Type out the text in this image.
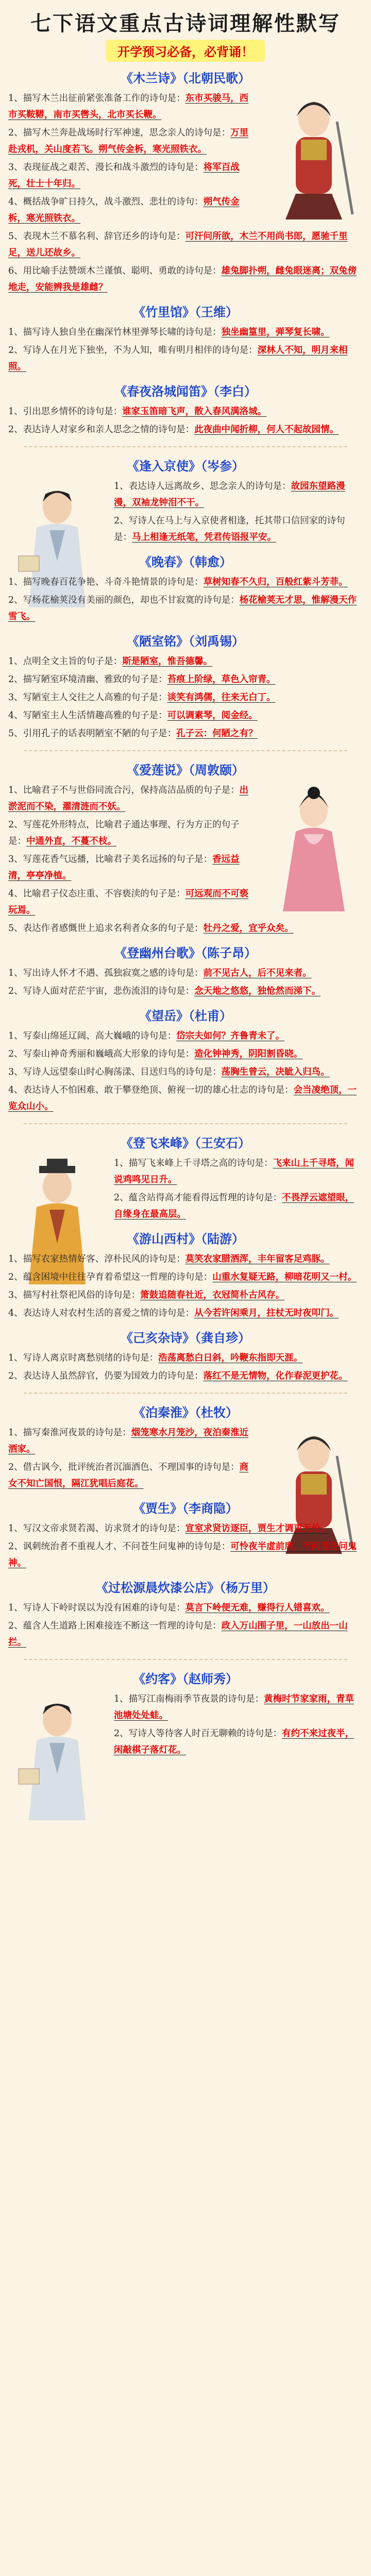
七下语文重点古诗词理解性默写
开学预习必备，必背诵！
《木兰诗》（北朝民歌）
1、描写木兰出征前紧张准备工作的诗句是：东市买骏马，西市买鞍鞯，南市买辔头，北市买长鞭。
2、描写木兰奔赴战场时行军神速，思念亲人的诗句是：万里赴戎机，关山度若飞。朔气传金柝，寒光照铁衣。
3、表现征战之艰苦、漫长和战斗激烈的诗句是：将军百战死，壮士十年归。
4、概括战争旷日持久，战斗激烈、悲壮的诗句：朔气传金柝，寒光照铁衣。
5、表现木兰不慕名利、辞官还乡的诗句是：可汗问所欲，木兰不用尚书郎，愿驰千里足，送儿还故乡。
6、用比喻手法赞颂木兰谨慎、聪明、勇敢的诗句是：雄兔脚扑朔，雌兔眼迷离；双兔傍地走，安能辨我是雄雌？
《竹里馆》（王维）
1、描写诗人独自坐在幽深竹林里弹琴长啸的诗句是：独坐幽篁里，弹琴复长啸。
2、写诗人在月光下独坐，不为人知，唯有明月相伴的诗句是：深林人不知，明月来相照。
《春夜洛城闻笛》（李白）
1、引出思乡情怀的诗句是：谁家玉笛暗飞声，散入春风满洛城。
2、表达诗人对家乡和亲人思念之情的诗句是：此夜曲中闻折柳，何人不起故园情。
《逢入京使》（岑参）
1、表达诗人远离故乡、思念亲人的诗句是：故园东望路漫漫，双袖龙钟泪不干。
2、写诗人在马上与入京使者相逢，托其带口信回家的诗句是：马上相逢无纸笔，凭君传语报平安。
《晚春》（韩愈）
1、描写晚春百花争艳、斗奇斗艳情景的诗句是：草树知春不久归，百般红紫斗芳菲。
2、写杨花榆荚没有美丽的颜色，却也不甘寂寞的诗句是：杨花榆荚无才思，惟解漫天作雪飞。
《陋室铭》（刘禹锡）
1、点明全文主旨的句子是：斯是陋室，惟吾德馨。
2、描写陋室环境清幽、雅致的句子是：苔痕上阶绿，草色入帘青。
3、写陋室主人交往之人高雅的句子是：谈笑有鸿儒，往来无白丁。
4、写陋室主人生活情趣高雅的句子是：可以调素琴，阅金经。
5、引用孔子的话表明陋室不陋的句子是：孔子云：何陋之有？
《爱莲说》（周敦颐）
1、比喻君子不与世俗同流合污，保持高洁品质的句子是：出淤泥而不染，濯清涟而不妖。
2、写莲花外形特点，比喻君子通达事理、行为方正的句子是：中通外直，不蔓不枝。
3、写莲花香气远播，比喻君子美名远扬的句子是：香远益清，亭亭净植。
4、比喻君子仪态庄重、不容亵渎的句子是：可远观而不可亵玩焉。
5、表达作者感慨世上追求名利者众多的句子是：牡丹之爱，宜乎众矣。
《登幽州台歌》（陈子昂）
1、写出诗人怀才不遇、孤独寂寞之感的诗句是：前不见古人，后不见来者。
2、写诗人面对茫茫宇宙，悲伤流泪的诗句是：念天地之悠悠，独怆然而涕下。
《望岳》（杜甫）
1、写泰山绵延辽阔、高大巍峨的诗句是：岱宗夫如何？齐鲁青未了。
2、写泰山神奇秀丽和巍峨高大形象的诗句是：造化钟神秀，阴阳割昏晓。
3、写诗人远望泰山时心胸荡漾、目送归鸟的诗句是：荡胸生曾云，决眦入归鸟。
4、表达诗人不怕困难、敢于攀登绝顶、俯视一切的雄心壮志的诗句是：会当凌绝顶，一览众山小。
《登飞来峰》（王安石）
1、描写飞来峰上千寻塔之高的诗句是：飞来山上千寻塔，闻说鸡鸣见日升。
2、蕴含站得高才能看得远哲理的诗句是：不畏浮云遮望眼，自缘身在最高层。
《游山西村》（陆游）
1、描写农家热情好客、淳朴民风的诗句是：莫笑农家腊酒浑，丰年留客足鸡豚。
2、蕴含困境中往往孕育着希望这一哲理的诗句是：山重水复疑无路，柳暗花明又一村。
3、描写村社祭祀风俗的诗句是：箫鼓追随春社近，衣冠简朴古风存。
4、表达诗人对农村生活的喜爱之情的诗句是：从今若许闲乘月，拄杖无时夜叩门。
《己亥杂诗》（龚自珍）
1、写诗人离京时离愁别绪的诗句是：浩荡离愁白日斜，吟鞭东指即天涯。
2、表达诗人虽然辞官，仍要为国效力的诗句是：落红不是无情物，化作春泥更护花。
《泊秦淮》（杜牧）
1、描写秦淮河夜景的诗句是：烟笼寒水月笼沙，夜泊秦淮近酒家。
2、借古讽今，批评统治者沉湎酒色、不理国事的诗句是：商女不知亡国恨，隔江犹唱后庭花。
《贾生》（李商隐）
1、写汉文帝求贤若渴、访求贤才的诗句是：宣室求贤访逐臣，贾生才调更无伦。
2、讽刺统治者不重视人才、不问苍生问鬼神的诗句是：可怜夜半虚前席，不问苍生问鬼神。
《过松源晨炊漆公店》（杨万里）
1、写诗人下岭时误以为没有困难的诗句是：莫言下岭便无难，赚得行人错喜欢。
2、蕴含人生道路上困难接连不断这一哲理的诗句是：政入万山围子里，一山放出一山拦。
《约客》（赵师秀）
1、描写江南梅雨季节夜景的诗句是：黄梅时节家家雨，青草池塘处处蛙。
2、写诗人等待客人时百无聊赖的诗句是：有约不来过夜半，闲敲棋子落灯花。
